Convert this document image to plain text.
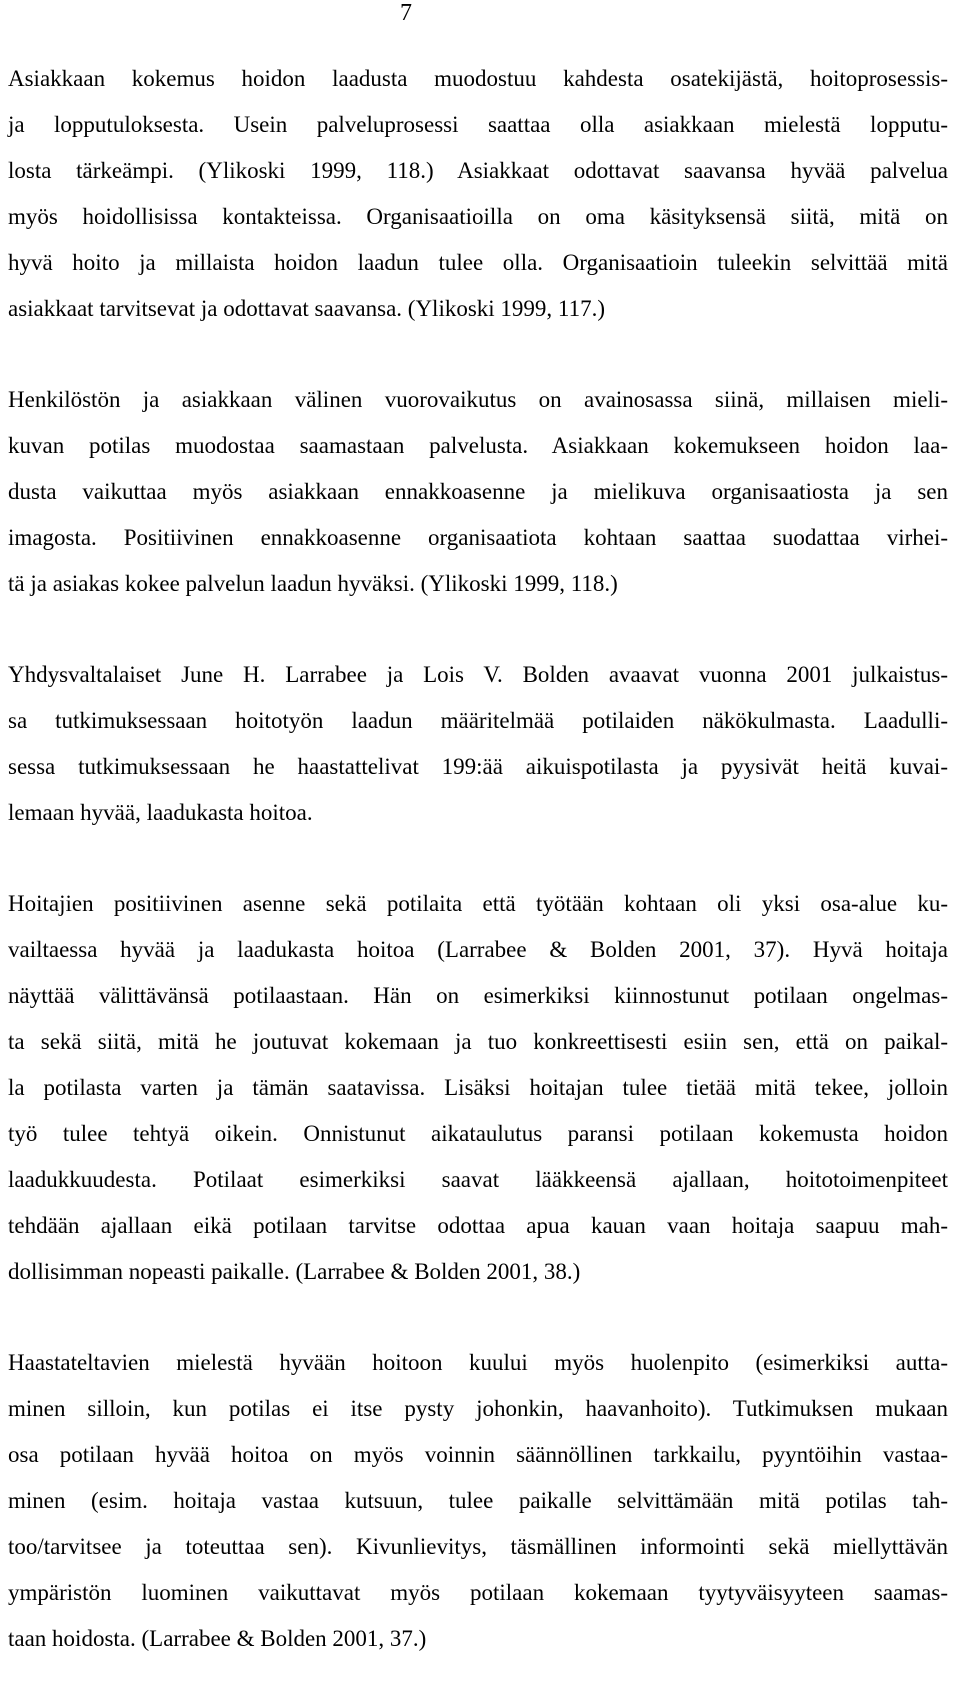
7
Asiakkaan kokemus hoidon laadusta muodostuu kahdesta osatekijästä, hoitoprosessis-
ja lopputuloksesta. Usein palveluprosessi saattaa olla asiakkaan mielestä lopputu-
losta tärkeämpi. (Ylikoski 1999, 118.) Asiakkaat odottavat saavansa hyvää palvelua
myös hoidollisissa kontakteissa. Organisaatioilla on oma käsityksensä siitä, mitä on
hyvä hoito ja millaista hoidon laadun tulee olla. Organisaatioin tuleekin selvittää mitä
asiakkaat tarvitsevat ja odottavat saavansa. (Ylikoski 1999, 117.)
Henkilöstön ja asiakkaan välinen vuorovaikutus on avainosassa siinä, millaisen mieli-
kuvan potilas muodostaa saamastaan palvelusta. Asiakkaan kokemukseen hoidon laa-
dusta vaikuttaa myös asiakkaan ennakkoasenne ja mielikuva organisaatiosta ja sen
imagosta. Positiivinen ennakkoasenne organisaatiota kohtaan saattaa suodattaa virhei-
tä ja asiakas kokee palvelun laadun hyväksi. (Ylikoski 1999, 118.)
Yhdysvaltalaiset June H. Larrabee ja Lois V. Bolden avaavat vuonna 2001 julkaistus-
sa tutkimuksessaan hoitotyön laadun määritelmää potilaiden näkökulmasta. Laadulli-
sessa tutkimuksessaan he haastattelivat 199:ää aikuispotilasta ja pyysivät heitä kuvai-
lemaan hyvää, laadukasta hoitoa.
Hoitajien positiivinen asenne sekä potilaita että työtään kohtaan oli yksi osa-alue ku-
vailtaessa hyvää ja laadukasta hoitoa (Larrabee & Bolden 2001, 37). Hyvä hoitaja
näyttää välittävänsä potilaastaan. Hän on esimerkiksi kiinnostunut potilaan ongelmas-
ta sekä siitä, mitä he joutuvat kokemaan ja tuo konkreettisesti esiin sen, että on paikal-
la potilasta varten ja tämän saatavissa. Lisäksi hoitajan tulee tietää mitä tekee, jolloin
työ tulee tehtyä oikein. Onnistunut aikataulutus paransi potilaan kokemusta hoidon
laadukkuudesta. Potilaat esimerkiksi saavat lääkkeensä ajallaan, hoitotoimenpiteet
tehdään ajallaan eikä potilaan tarvitse odottaa apua kauan vaan hoitaja saapuu mah-
dollisimman nopeasti paikalle. (Larrabee & Bolden 2001, 38.)
Haastateltavien mielestä hyvään hoitoon kuului myös huolenpito (esimerkiksi autta-
minen silloin, kun potilas ei itse pysty johonkin, haavanhoito). Tutkimuksen mukaan
osa potilaan hyvää hoitoa on myös voinnin säännöllinen tarkkailu, pyyntöihin vastaa-
minen (esim. hoitaja vastaa kutsuun, tulee paikalle selvittämään mitä potilas tah-
too/tarvitsee ja toteuttaa sen). Kivunlievitys, täsmällinen informointi sekä miellyttävän
ympäristön luominen vaikuttavat myös potilaan kokemaan tyytyväisyyteen saamas-
taan hoidosta. (Larrabee & Bolden 2001, 37.)
